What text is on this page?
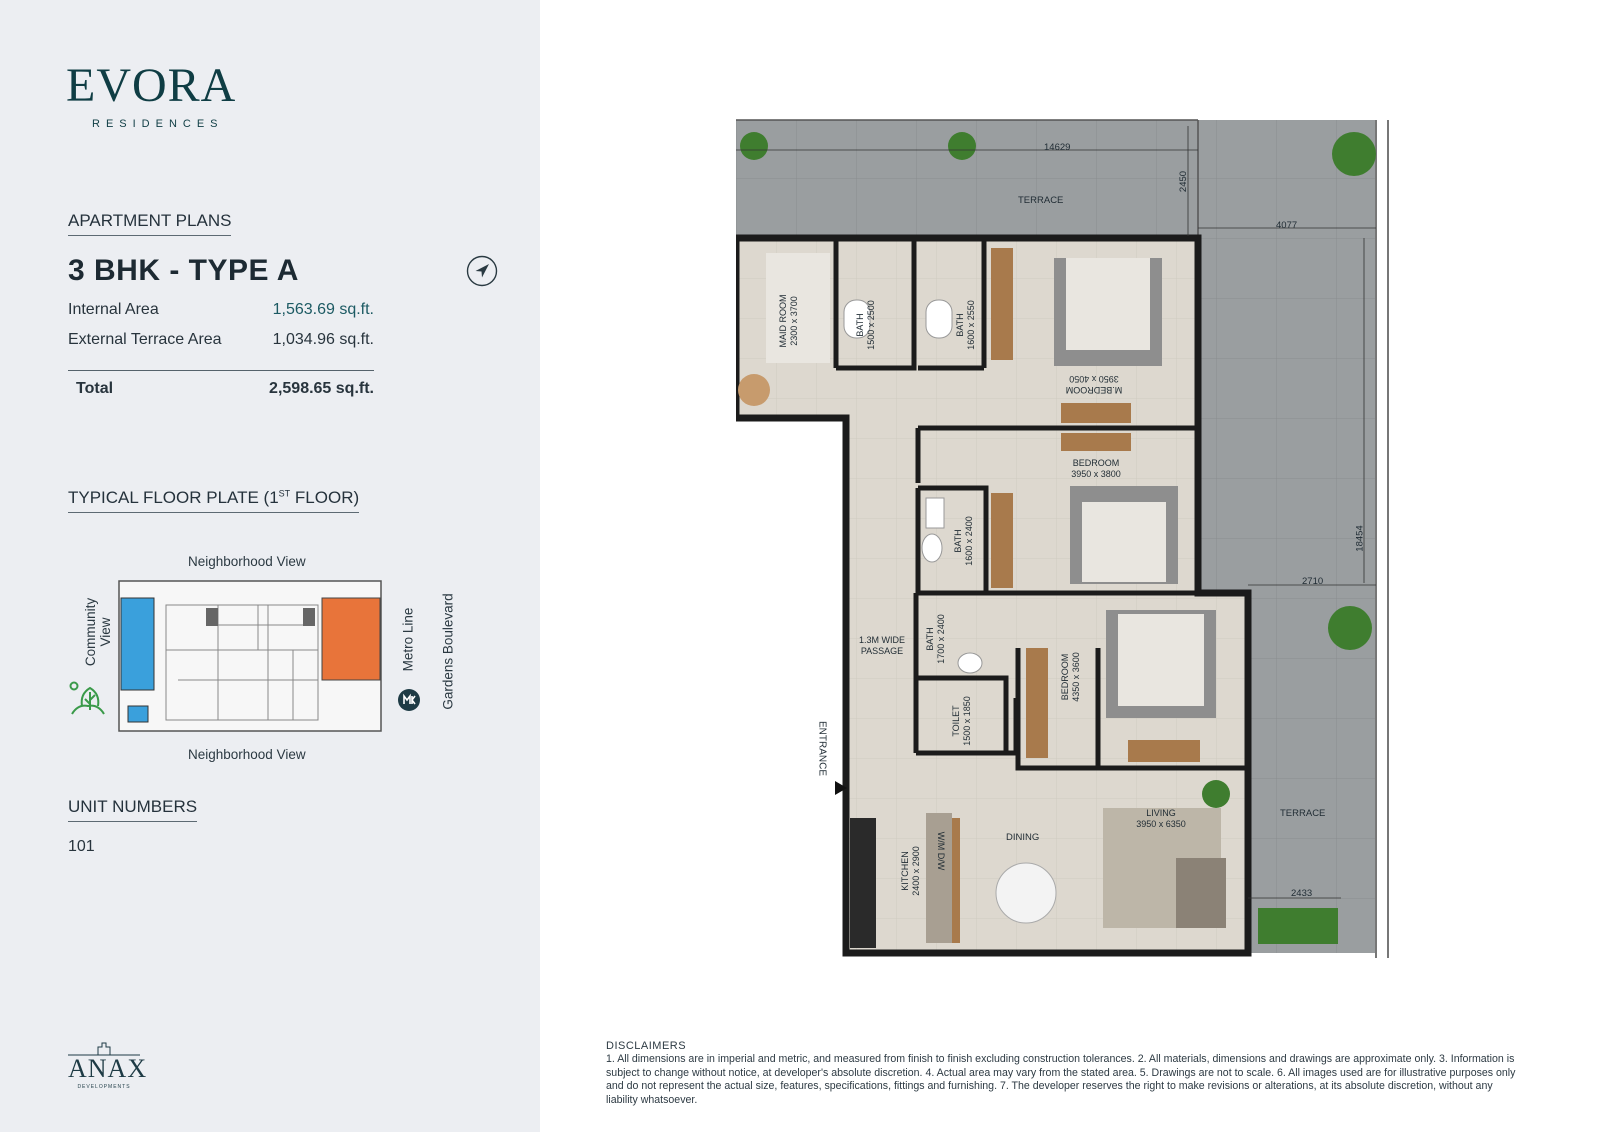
EVORA
RESIDENCES
APARTMENT PLANS
3 BHK - TYPE A
Internal Area	1,563.69 sq.ft.
External Terrace Area	1,034.96 sq.ft.
Total	2,598.65 sq.ft.
TYPICAL FLOOR PLATE (1ST FLOOR)
Neighborhood View
Neighborhood View
Community View	Metro Line Gardens Boulevard
UNIT NUMBERS
101
ANAX
DEVELOPMENTS
14629
2450
TERRACE
4077
18454
2710
2433
MAID ROOM 2300 x 3700	BATH 1500 x 2500	BATH 1600 x 2550
M.BEDROOM
3950 x 4050
BEDROOM
3950 x 3800
BATH 1600 x 2400
1.3M WIDE
PASSAGE
BATH 1700 x 2400
BEDROOM 4350 x 3600
TOILET 1500 x 1850
ENTRANCE
KITCHEN 2400 x 2900 W/M D/W	DINING
LIVING
3950 x 6350
TERRACE
DISCLAIMERS
1. All dimensions are in imperial and metric, and measured from finish to finish excluding construction tolerances. 2. All materials, dimensions and drawings are approximate only. 3. Information is subject to change without notice, at developer's absolute discretion. 4. Actual area may vary from the stated area. 5. Drawings are not to scale. 6. All images used are for illustrative purposes only and do not represent the actual size, features, specifications, fittings and furnishing. 7. The developer reserves the right to make revisions or alterations, at its absolute discretion, without any liability whatsoever.
